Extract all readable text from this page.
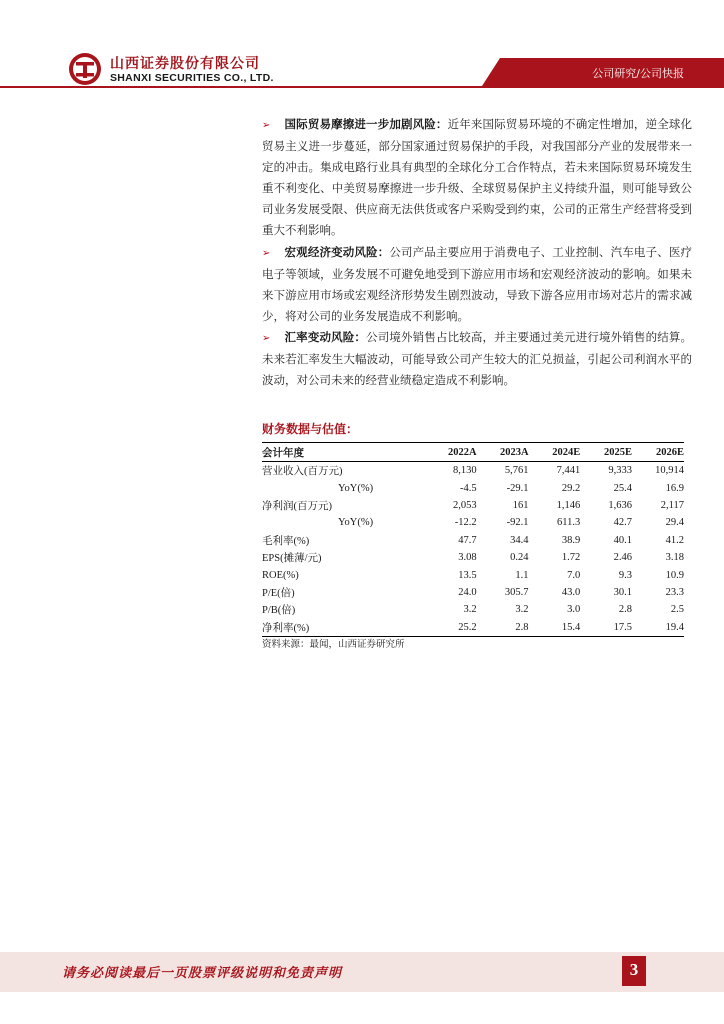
山西证券股份有限公司
SHANXI SECURITIES CO., LTD.	公司研究/公司快报

➢ 国际贸易摩擦进一步加剧风险：近年来国际贸易环境的不确定性增加，逆全球化贸易主义进一步蔓延，部分国家通过贸易保护的手段，对我国部分产业的发展带来一定的冲击。集成电路行业具有典型的全球化分工合作特点，若未来国际贸易环境发生重不利变化、中美贸易摩擦进一步升级、全球贸易保护主义持续升温，则可能导致公司业务发展受限、供应商无法供货或客户采购受到约束，公司的正常生产经营将受到重大不利影响。

➢ 宏观经济变动风险：公司产品主要应用于消费电子、工业控制、汽车电子、医疗电子等领域，业务发展不可避免地受到下游应用市场和宏观经济波动的影响。如果未来下游应用市场或宏观经济形势发生剧烈波动，导致下游各应用市场对芯片的需求减少，将对公司的业务发展造成不利影响。

➢ 汇率变动风险：公司境外销售占比较高，并主要通过美元进行境外销售的结算。未来若汇率发生大幅波动，可能导致公司产生较大的汇兑损益，引起公司利润水平的波动，对公司未来的经营业绩稳定造成不利影响。

财务数据与估值：
会计年度	2022A	2023A	2024E	2025E	2026E
营业收入(百万元)	8,130	5,761	7,441	9,333	10,914
YoY(%)	-4.5	-29.1	29.2	25.4	16.9
净利润(百万元)	2,053	161	1,146	1,636	2,117
YoY(%)	-12.2	-92.1	611.3	42.7	29.4
毛利率(%)	47.7	34.4	38.9	40.1	41.2
EPS(摊薄/元)	3.08	0.24	1.72	2.46	3.18
ROE(%)	13.5	1.1	7.0	9.3	10.9
P/E(倍)	24.0	305.7	43.0	30.1	23.3
P/B(倍)	3.2	3.2	3.0	2.8	2.5
净利率(%)	25.2	2.8	15.4	17.5	19.4
资料来源：最闻，山西证券研究所
请务必阅读最后一页股票评级说明和免责声明	3
